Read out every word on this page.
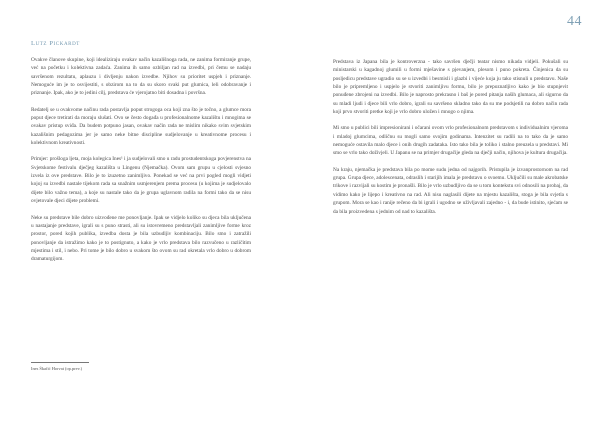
44
Lutz Pickardt

Ovakve članove skupine, koji idealiziraju ovakav način kazališnoga rada, ne zanima formiranje grupe, već na početku i kolektivna zadaća. Zanima ih samo ozbiljan rad na izvedbi, pri čemu se nadaju savršenom rezultatu, aplauzu i divljenju nakon izvedbe. Njihov su prioritet uspjeh i priznanje. Nemoguće im je to osvijestiti, s obzirom na to da su skoro svaki put glumica, leli odobravanje i priznanje. Ipak, ako je to jedini cilj, predstava će vjerojatno biti dosadna i površna.

Redatelj se u ovakvome načinu rada postavlja poput strogoga oca koji zna što je točno, a glumce mora poput djece tretirati da moraju slušati. Ovo se često događa u profesionalnome kazalištu i mnogima se ovakav pristup sviđa. Da budem potpuno jasan, ovakav način rada ne mislim nikako svim svjetskim kazališnim pedagozima jer je samo neke bitne discipline sudjelovanje u kreativnome procesu i kolektivnom kreativnosti.

Primjer: prošloga ljeta, moja kolegica Ines¹ i ja sudjelovali smo u radu prostudentskoga povjerenstva na Svjetskome festivalu dječjeg kazališta u Lingenu (Njemačka). Ovom sam grupu u cjelosti svjesno izvela iz ove predstave. Bilo je to izuzetno zanimljivo. Ponekad se već na prvi pogled mogli vidjeti kojoj su izvedbi nastale tijekom rada sa snažnim usmjerenjem prema procesu (u kojima je sudjelovalo dijete bilo važno tema), a koje su nastale tako da je grupa uglavnom radila na formi tako da se nisu ovjetovale djeci dijete problemi.

Neke su predstave bile dobro uizvođene me ponovljanje. Ipak se vidjelo koliko su djeca bila uključena u nastajanje predstave, igrali su s puno strasti, ali su istovremeno predstavljali zanimljive forme kroz prostor, pored kojih publika, izvedba dosta je bila uzbudljiv kombinaciju. Bilo smo i zatražili ponovljanje da istražimo kako je to postignuto, a kako je vrlo predstava bilo razvučeno u različitim mjestima i stil, i nebo. Pri tome je bilo dobro u svakom što ovom su rad okretala vrlo dobro u dobrom dramaturgijom.

Ines Škafić Horvat (op.prev.)

Predstava iz Japana bila je kontroverzna - tako savršen dječji teatar nismo nikada vidjeli. Pokušali su ministarski u kagadnoj glumili u formi mješavine s pjevanjem, plesom i puno pokreta. Činjenica da su posljedicu predstave ugradio su se u izvedbi i besmisli i glazbi i vijeće koja ju tako stisnuli u predstavu. Naše bilo je pripremljeno i uspjelo je stvoriti zanimljivu formu, bilo je prepoznatljivo kako je bio stupnjevit ponuđene zbrojeni na izvedbi. Bilo je naprosto prekrasno i baš je pored pitanja naših glumaca, ali sigurno da su mladi ljudi i djece bili vrlo dobro, igrali su savršeno skladno tako da su me podsjetili na dobro način rada koji prvo stvoriti pretke koji je vrlo dobro uložen i mnogo o njima.

Mi smo u publici bili impresionirani i očarani ovom vrlo profesionalnom predstavom s individualnim vjeroma i mladoj glumcima, odličnu su mogli samo svojim godinama. Intenzitet su radili na to tako da je samo nemoguće ostavila malo djece i onih drugih zadataka. Isto tako bila je toliko i stalno preuzela u predstavi. Mi smo se vrlo tako doživjeli. U Japanu se na primjer drugačije gleda na dječji način, njihova je kultura drugačija.

Na kraju, njemačka je predstava bila po mome sudu jedna od najgorih. Pristupila je izvanprostornom na rad grupa. Grupa djece, adolescenata, odraslih i starijih imala je predstavu o svoemu. Uključili su male akrobatske trikove i razvijali su kostim je pronašli. Bilo je vrlo uzbudljivo da se u tom kontekstu svi odnosili na probaj, da vidimo kako je lijepo i kreativno na rad. Ali nisu naglasili dijete na mjestu kazališta, stoga je bila svjetla s grupom. Mora se kao i ranije rečeno da bi igrali i ugodno se uživljavali zajedno - i, da bude istinito, sjećam se da bila proizvedena s jednim od nad to kazališta.
